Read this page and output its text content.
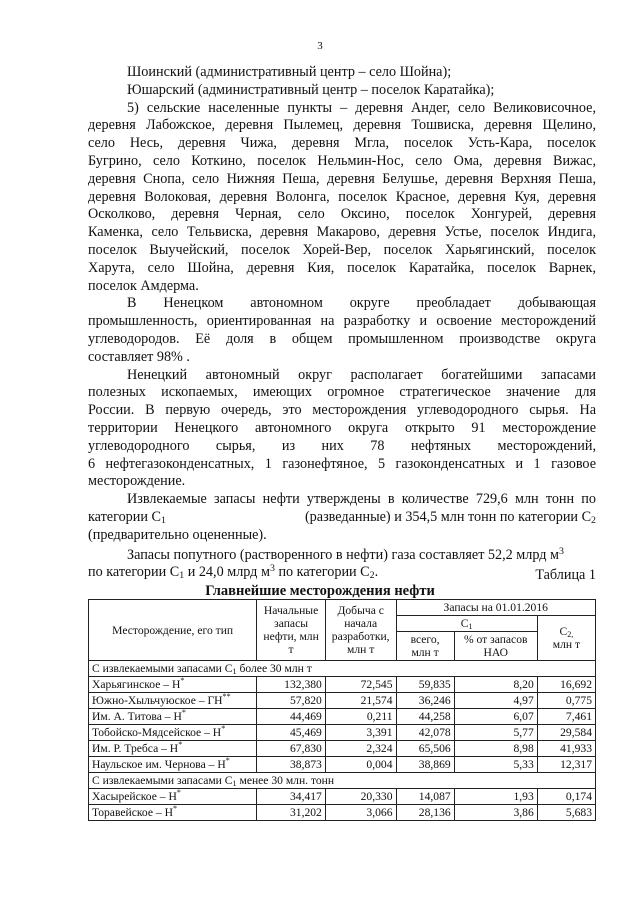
3
Шоинский (административный центр – село Шойна);
Юшарский (административный центр – поселок Каратайка);
5) сельские населенные пункты – деревня Андег, село Великовисочное,
деревня Лабожское, деревня Пылемец, деревня Тошвиска, деревня Щелино,
село Несь, деревня Чижа, деревня Мгла, поселок Усть-Кара, поселок
Бугрино, село Коткино, поселок Нельмин-Нос, село Ома, деревня Вижас,
деревня Снопа, село Нижняя Пеша, деревня Белушье, деревня Верхняя Пеша,
деревня Волоковая, деревня Волонга, поселок Красное, деревня Куя, деревня
Осколково, деревня Черная, село Оксино, поселок Хонгурей, деревня
Каменка, село Тельвиска, деревня Макарово, деревня Устье, поселок Индига,
поселок Выучейский, поселок Хорей-Вер, поселок Харьягинский, поселок
Харута, село Шойна, деревня Кия, поселок Каратайка, поселок Варнек,
поселок Амдерма.
В Ненецком автономном округе преобладает добывающая
промышленность, ориентированная на разработку и освоение месторождений
углеводородов. Её доля в общем промышленном производстве округа
составляет 98% .
Ненецкий автономный округ располагает богатейшими запасами
полезных ископаемых, имеющих огромное стратегическое значение для
России. В первую очередь, это месторождения углеводородного сырья. На
территории Ненецкого автономного округа открыто 91 месторождение
углеводородного сырья, из них 78 нефтяных месторождений,
6 нефтегазоконденсатных, 1 газонефтяное, 5 газоконденсатных и 1 газовое
месторождение.
Извлекаемые запасы нефти утверждены в количестве 729,6 млн тонн по
категории $С_1$	(разведанные) и 354,5 млн тонн по категории $С_2$
(предварительно оцененные).
Запасы попутного (растворенного в нефти) газа составляет 52,2 млрд $м^3$
по категории $С_1$ и 24,0 млрд $м^3$ по категории $С_2$.	Таблица 1
Главнейшие месторождения нефти
Месторождение, его тип	Начальные запасы нефти, млн т	Добыча с начала разработки, млн т	Запасы на 01.01.2016		
			$С_1$		$С_{2,}$
млн т
			всего, млн т	% от запасов НАО	
С извлекаемыми запасами $С_1$ более 30 млн т					
Харьягинское – Н*	132,380	72,545	59,835	8,20	16,692
Южно-Хыльчуюское – ГН**	57,820	21,574	36,246	4,97	0,775
Им. А. Титова – Н*	44,469	0,211	44,258	6,07	7,461
Тобойско-Мядсейское – Н*	45,469	3,391	42,078	5,77	29,584
Им. Р. Требса – Н*	67,830	2,324	65,506	8,98	41,933
Наульское им. Чернова – Н*	38,873	0,004	38,869	5,33	12,317
С извлекаемыми запасами $С_1$ менее 30 млн. тонн					
Хасырейское – Н*	34,417	20,330	14,087	1,93	0,174
Торавейское – Н*	31,202	3,066	28,136	3,86	5,683
